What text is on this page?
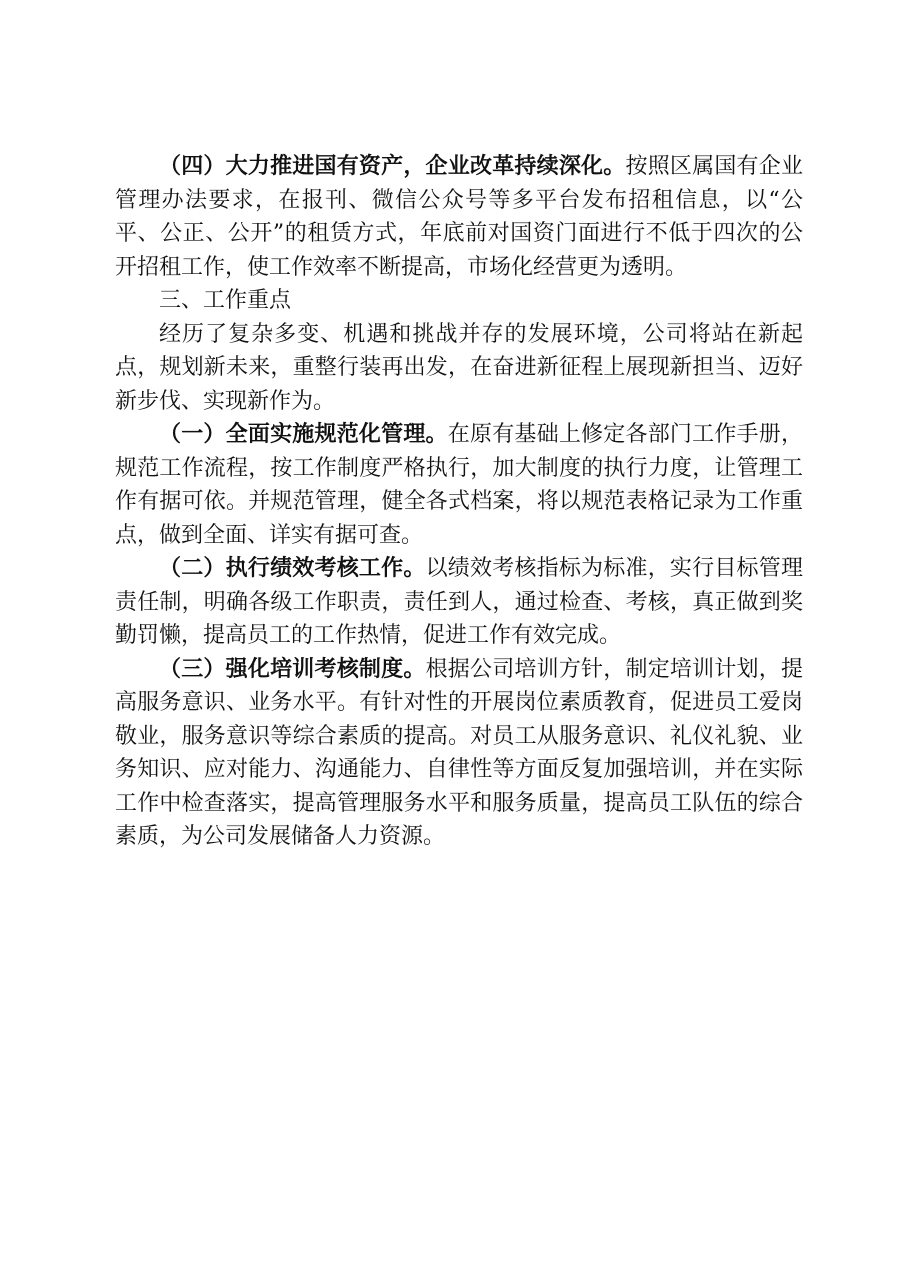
（四）大力推进国有资产，企业改革持续深化。按照区属国有企业管理办法要求，在报刊、微信公众号等多平台发布招租信息，以“公平、公正、公开”的租赁方式，年底前对国资门面进行不低于四次的公开招租工作，使工作效率不断提高，市场化经营更为透明。

三、工作重点

经历了复杂多变、机遇和挑战并存的发展环境，公司将站在新起点，规划新未来，重整行装再出发，在奋进新征程上展现新担当、迈好新步伐、实现新作为。

（一）全面实施规范化管理。在原有基础上修定各部门工作手册，规范工作流程，按工作制度严格执行，加大制度的执行力度，让管理工作有据可依。并规范管理，健全各式档案，将以规范表格记录为工作重点，做到全面、详实有据可查。

（二）执行绩效考核工作。以绩效考核指标为标准，实行目标管理责任制，明确各级工作职责，责任到人，通过检查、考核，真正做到奖勤罚懒，提高员工的工作热情，促进工作有效完成。

（三）强化培训考核制度。根据公司培训方针，制定培训计划，提高服务意识、业务水平。有针对性的开展岗位素质教育，促进员工爱岗敬业，服务意识等综合素质的提高。对员工从服务意识、礼仪礼貌、业务知识、应对能力、沟通能力、自律性等方面反复加强培训，并在实际工作中检查落实，提高管理服务水平和服务质量，提高员工队伍的综合素质，为公司发展储备人力资源。
